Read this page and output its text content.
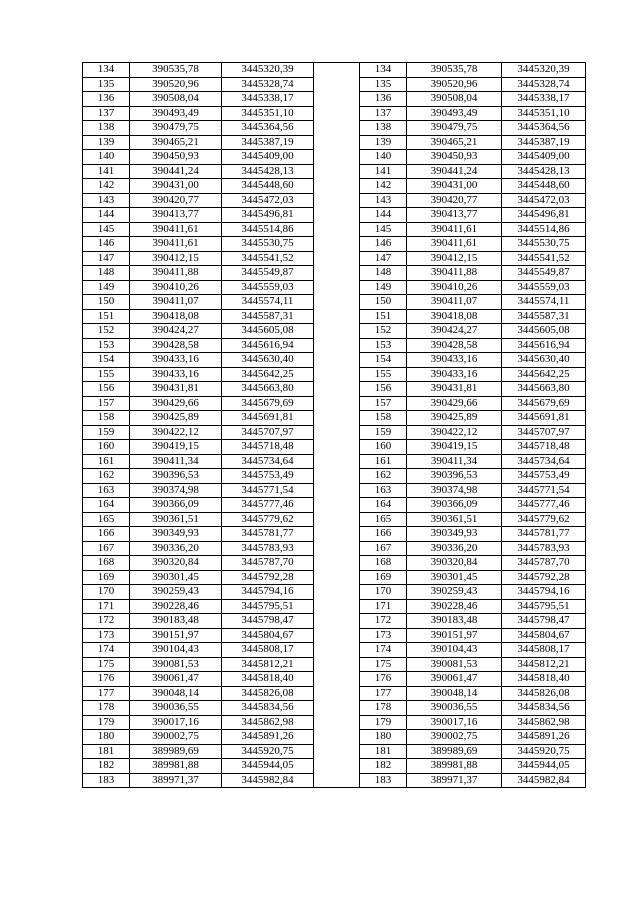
134	390535,78	3445320,39		134	390535,78	3445320,39
135	390520,96	3445328,74		135	390520,96	3445328,74
136	390508,04	3445338,17		136	390508,04	3445338,17
137	390493,49	3445351,10		137	390493,49	3445351,10
138	390479,75	3445364,56		138	390479,75	3445364,56
139	390465,21	3445387,19		139	390465,21	3445387,19
140	390450,93	3445409,00		140	390450,93	3445409,00
141	390441,24	3445428,13		141	390441,24	3445428,13
142	390431,00	3445448,60		142	390431,00	3445448,60
143	390420,77	3445472,03		143	390420,77	3445472,03
144	390413,77	3445496,81		144	390413,77	3445496,81
145	390411,61	3445514,86		145	390411,61	3445514,86
146	390411,61	3445530,75		146	390411,61	3445530,75
147	390412,15	3445541,52		147	390412,15	3445541,52
148	390411,88	3445549,87		148	390411,88	3445549,87
149	390410,26	3445559,03		149	390410,26	3445559,03
150	390411,07	3445574,11		150	390411,07	3445574,11
151	390418,08	3445587,31		151	390418,08	3445587,31
152	390424,27	3445605,08		152	390424,27	3445605,08
153	390428,58	3445616,94		153	390428,58	3445616,94
154	390433,16	3445630,40		154	390433,16	3445630,40
155	390433,16	3445642,25		155	390433,16	3445642,25
156	390431,81	3445663,80		156	390431,81	3445663,80
157	390429,66	3445679,69		157	390429,66	3445679,69
158	390425,89	3445691,81		158	390425,89	3445691,81
159	390422,12	3445707,97		159	390422,12	3445707,97
160	390419,15	3445718,48		160	390419,15	3445718,48
161	390411,34	3445734,64		161	390411,34	3445734,64
162	390396,53	3445753,49		162	390396,53	3445753,49
163	390374,98	3445771,54		163	390374,98	3445771,54
164	390366,09	3445777,46		164	390366,09	3445777,46
165	390361,51	3445779,62		165	390361,51	3445779,62
166	390349,93	3445781,77		166	390349,93	3445781,77
167	390336,20	3445783,93		167	390336,20	3445783,93
168	390320,84	3445787,70		168	390320,84	3445787,70
169	390301,45	3445792,28		169	390301,45	3445792,28
170	390259,43	3445794,16		170	390259,43	3445794,16
171	390228,46	3445795,51		171	390228,46	3445795,51
172	390183,48	3445798,47		172	390183,48	3445798,47
173	390151,97	3445804,67		173	390151,97	3445804,67
174	390104,43	3445808,17		174	390104,43	3445808,17
175	390081,53	3445812,21		175	390081,53	3445812,21
176	390061,47	3445818,40		176	390061,47	3445818,40
177	390048,14	3445826,08		177	390048,14	3445826,08
178	390036,55	3445834,56		178	390036,55	3445834,56
179	390017,16	3445862,98		179	390017,16	3445862,98
180	390002,75	3445891,26		180	390002,75	3445891,26
181	389989,69	3445920,75		181	389989,69	3445920,75
182	389981,88	3445944,05		182	389981,88	3445944,05
183	389971,37	3445982,84		183	389971,37	3445982,84
